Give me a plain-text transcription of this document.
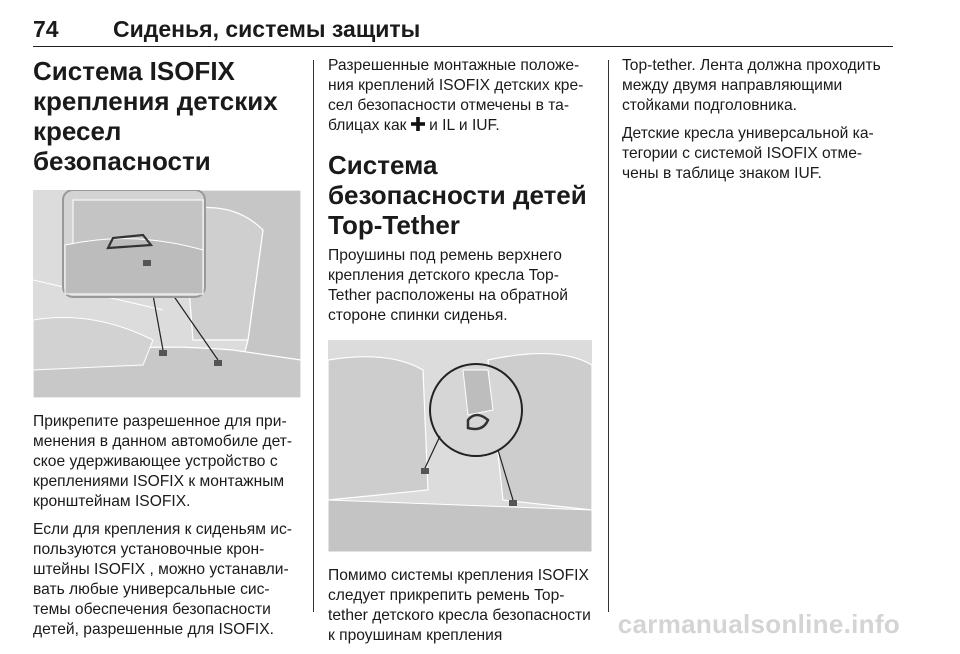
74 Сиденья, системы защиты
Система ISOFIX крепления детских кресел безопасности

Прикрепите разрешенное для применения в данном автомобиле детское удерживающее устройство с креплениями ISOFIX к монтажным кронштейнам ISOFIX.

Если для крепления к сиденьям используются установочные кронштейны ISOFIX , можно устанавливать любые универсальные системы обеспечения безопасности детей, разрешенные для ISOFIX.

Разрешенные монтажные положения креплений ISOFIX детских кресел безопасности отмечены в таблицах как  и IL и IUF.

Система безопасности детей Top-Tether

Проушины под ремень верхнего крепления детского кресла Top-Tether расположены на обратной стороне спинки сиденья.

Помимо системы крепления ISOFIX следует прикрепить ремень Top-tether детского кресла безопасности к проушинам крепления

Top-tether. Лента должна проходить между двумя направляющими стойками подголовника.

Детские кресла универсальной категории с системой ISOFIX отмечены в таблице знаком IUF.

carmanualsonline.info
